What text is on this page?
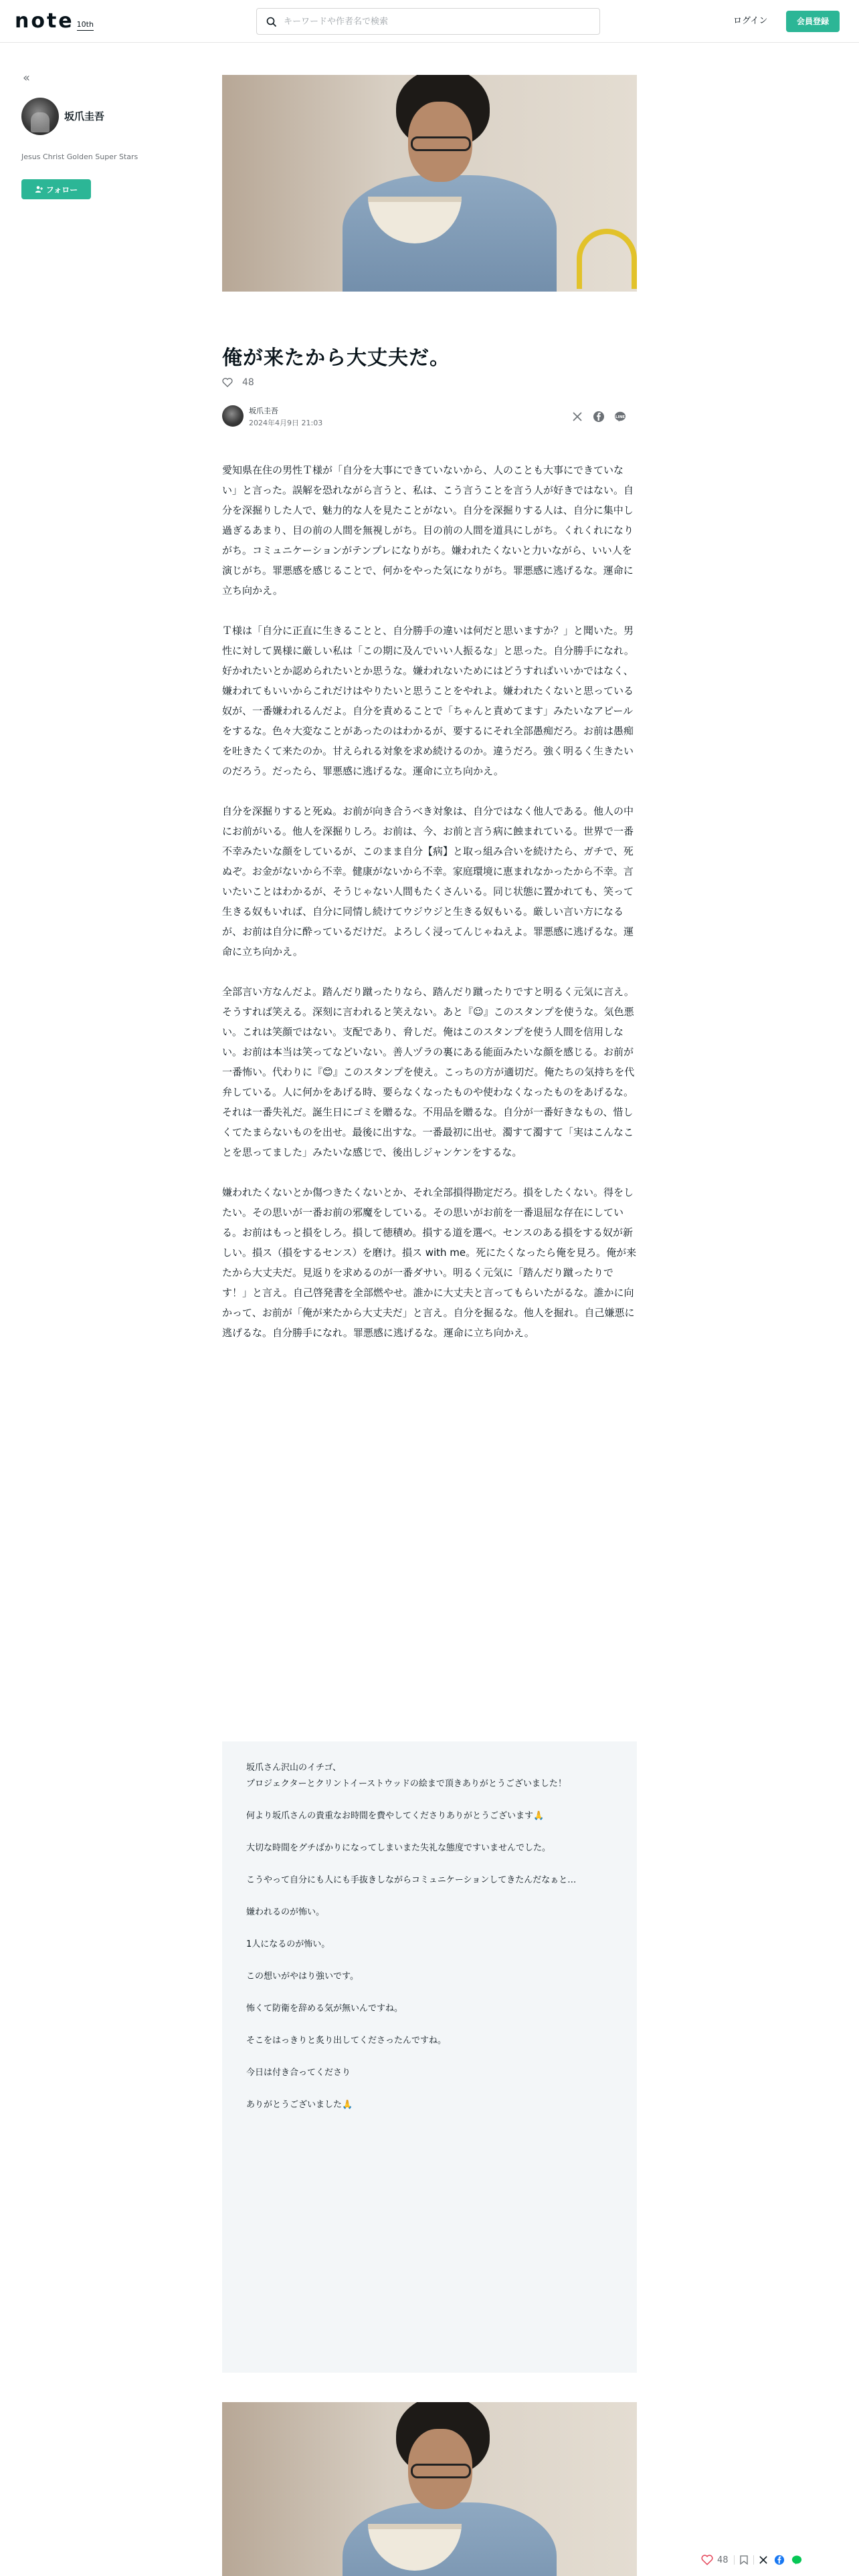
note 10th
キーワードや作者名で検索	ログイン	会員登録
«
坂爪圭吾
Jesus Christ Golden Super Stars
フォロー
俺が来たから大丈夫だ。
48
坂爪圭吾
2024年4月9日 21:03
LINE

愛知県在住の男性Ｔ様が「自分を大事にできていないから、人のことも大事にできていない」と言った。誤解を恐れながら言うと、私は、こう言うことを言う人が好きではない。自分を深掘りした人で、魅力的な人を見たことがない。自分を深掘りする人は、自分に集中し過ぎるあまり、目の前の人間を無視しがち。目の前の人間を道具にしがち。くれくれになりがち。コミュニケーションがテンプレになりがち。嫌われたくないと力いながら、いい人を演じがち。罪悪感を感じることで、何かをやった気になりがち。罪悪感に逃げるな。運命に立ち向かえ。

Ｔ様は「自分に正直に生きることと、自分勝手の違いは何だと思いますか？」と聞いた。男性に対して異様に厳しい私は「この期に及んでいい人振るな」と思った。自分勝手になれ。好かれたいとか認められたいとか思うな。嫌われないためにはどうすればいいかではなく、嫌われてもいいからこれだけはやりたいと思うことをやれよ。嫌われたくないと思っている奴が、一番嫌われるんだよ。自分を責めることで「ちゃんと責めてます」みたいなアピールをするな。色々大変なことがあったのはわかるが、要するにそれ全部愚痴だろ。お前は愚痴を吐きたくて来たのか。甘えられる対象を求め続けるのか。違うだろ。強く明るく生きたいのだろう。だったら、罪悪感に逃げるな。運命に立ち向かえ。

自分を深掘りすると死ぬ。お前が向き合うべき対象は、自分ではなく他人である。他人の中にお前がいる。他人を深掘りしろ。お前は、今、お前と言う病に蝕まれている。世界で一番不幸みたいな顔をしているが、このまま自分【病】と取っ組み合いを続けたら、ガチで、死ぬぞ。お金がないから不幸。健康がないから不幸。家庭環境に恵まれなかったから不幸。言いたいことはわかるが、そうじゃない人間もたくさんいる。同じ状態に置かれても、笑って生きる奴もいれば、自分に同情し続けてウジウジと生きる奴もいる。厳しい言い方になるが、お前は自分に酔っているだけだ。よろしく浸ってんじゃねえよ。罪悪感に逃げるな。運命に立ち向かえ。

全部言い方なんだよ。踏んだり蹴ったりなら、踏んだり蹴ったりですと明るく元気に言え。そうすれば笑える。深刻に言われると笑えない。あと『☺』このスタンプを使うな。気色悪い。これは笑顔ではない。支配であり、脅しだ。俺はこのスタンプを使う人間を信用しない。お前は本当は笑ってなどいない。善人ヅラの裏にある能面みたいな顔を感じる。お前が一番怖い。代わりに『😊』このスタンプを使え。こっちの方が適切だ。俺たちの気持ちを代弁している。人に何かをあげる時、要らなくなったものや使わなくなったものをあげるな。それは一番失礼だ。誕生日にゴミを贈るな。不用品を贈るな。自分が一番好きなもの、惜しくてたまらないものを出せ。最後に出すな。一番最初に出せ。濁すて濁すて「実はこんなことを思ってました」みたいな感じで、後出しジャンケンをするな。

嫌われたくないとか傷つきたくないとか、それ全部損得勘定だろ。損をしたくない。得をしたい。その思いが一番お前の邪魔をしている。その思いがお前を一番退屈な存在にしている。お前はもっと損をしろ。損して徳積め。損する道を選べ。センスのある損をする奴が新しい。損ス（損をするセンス）を磨け。損ス with me。死にたくなったら俺を見ろ。俺が来たから大丈夫だ。見返りを求めるのが一番ダサい。明るく元気に「踏んだり蹴ったりです！」と言え。自己啓発書を全部燃やせ。誰かに大丈夫と言ってもらいたがるな。誰かに向かって、お前が「俺が来たから大丈夫だ」と言え。自分を掘るな。他人を掘れ。自己嫌悪に逃げるな。自分勝手になれ。罪悪感に逃げるな。運命に立ち向かえ。

坂爪さん沢山のイチゴ、
プロジェクターとクリントイーストウッドの絵まで頂きありがとうございました！
何より坂爪さんの貴重なお時間を費やしてくださりありがとうございます🙏
大切な時間をグチばかりになってしまいまた失礼な態度ですいませんでした。
こうやって自分にも人にも手抜きしながらコミュニケーションしてきたんだなぁと…
嫌われるのが怖い。
1人になるのが怖い。
この想いがやはり強いです。
怖くて防衛を辞める気が無いんですね。
そこをはっきりと炙り出してくださったんですね。
今日は付き合ってくださり
ありがとうございました🙏
48
